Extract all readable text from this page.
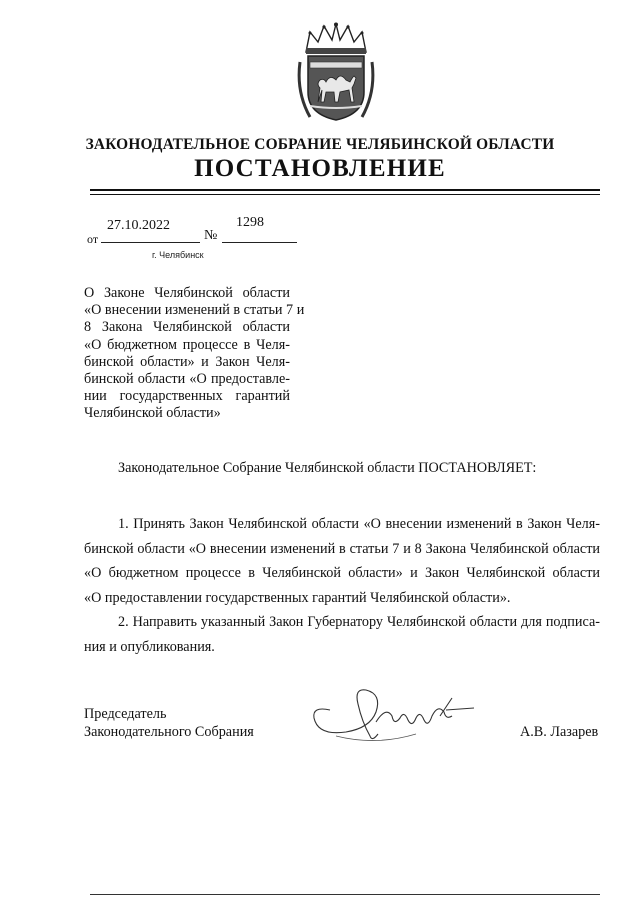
ЗАКОНОДАТЕЛЬНОЕ СОБРАНИЕ ЧЕЛЯБИНСКОЙ ОБЛАСТИ
ПОСТАНОВЛЕНИЕ
от
27.10.2022
№
1298
г. Челябинск
О Законе Челябинской области
«О внесении изменений в статьи 7 и
8 Закона Челябинской области
«О бюджетном процессе в Челя-
бинской области» и Закон Челя-
бинской области «О предоставле-
нии государственных гарантий
Челябинской области»
Законодательное Собрание Челябинской области ПОСТАНОВЛЯЕТ:
1. Принять Закон Челябинской области «О внесении изменений в Закон Челя-
бинской области «О внесении изменений в статьи 7 и 8 Закона Челябинской области
«О бюджетном процессе в Челябинской области» и Закон Челябинской области
«О предоставлении государственных гарантий Челябинской области».
2. Направить указанный Закон Губернатору Челябинской области для подписа-
ния и опубликования.
Председатель
Законодательного Собрания	А.В. Лазарев
